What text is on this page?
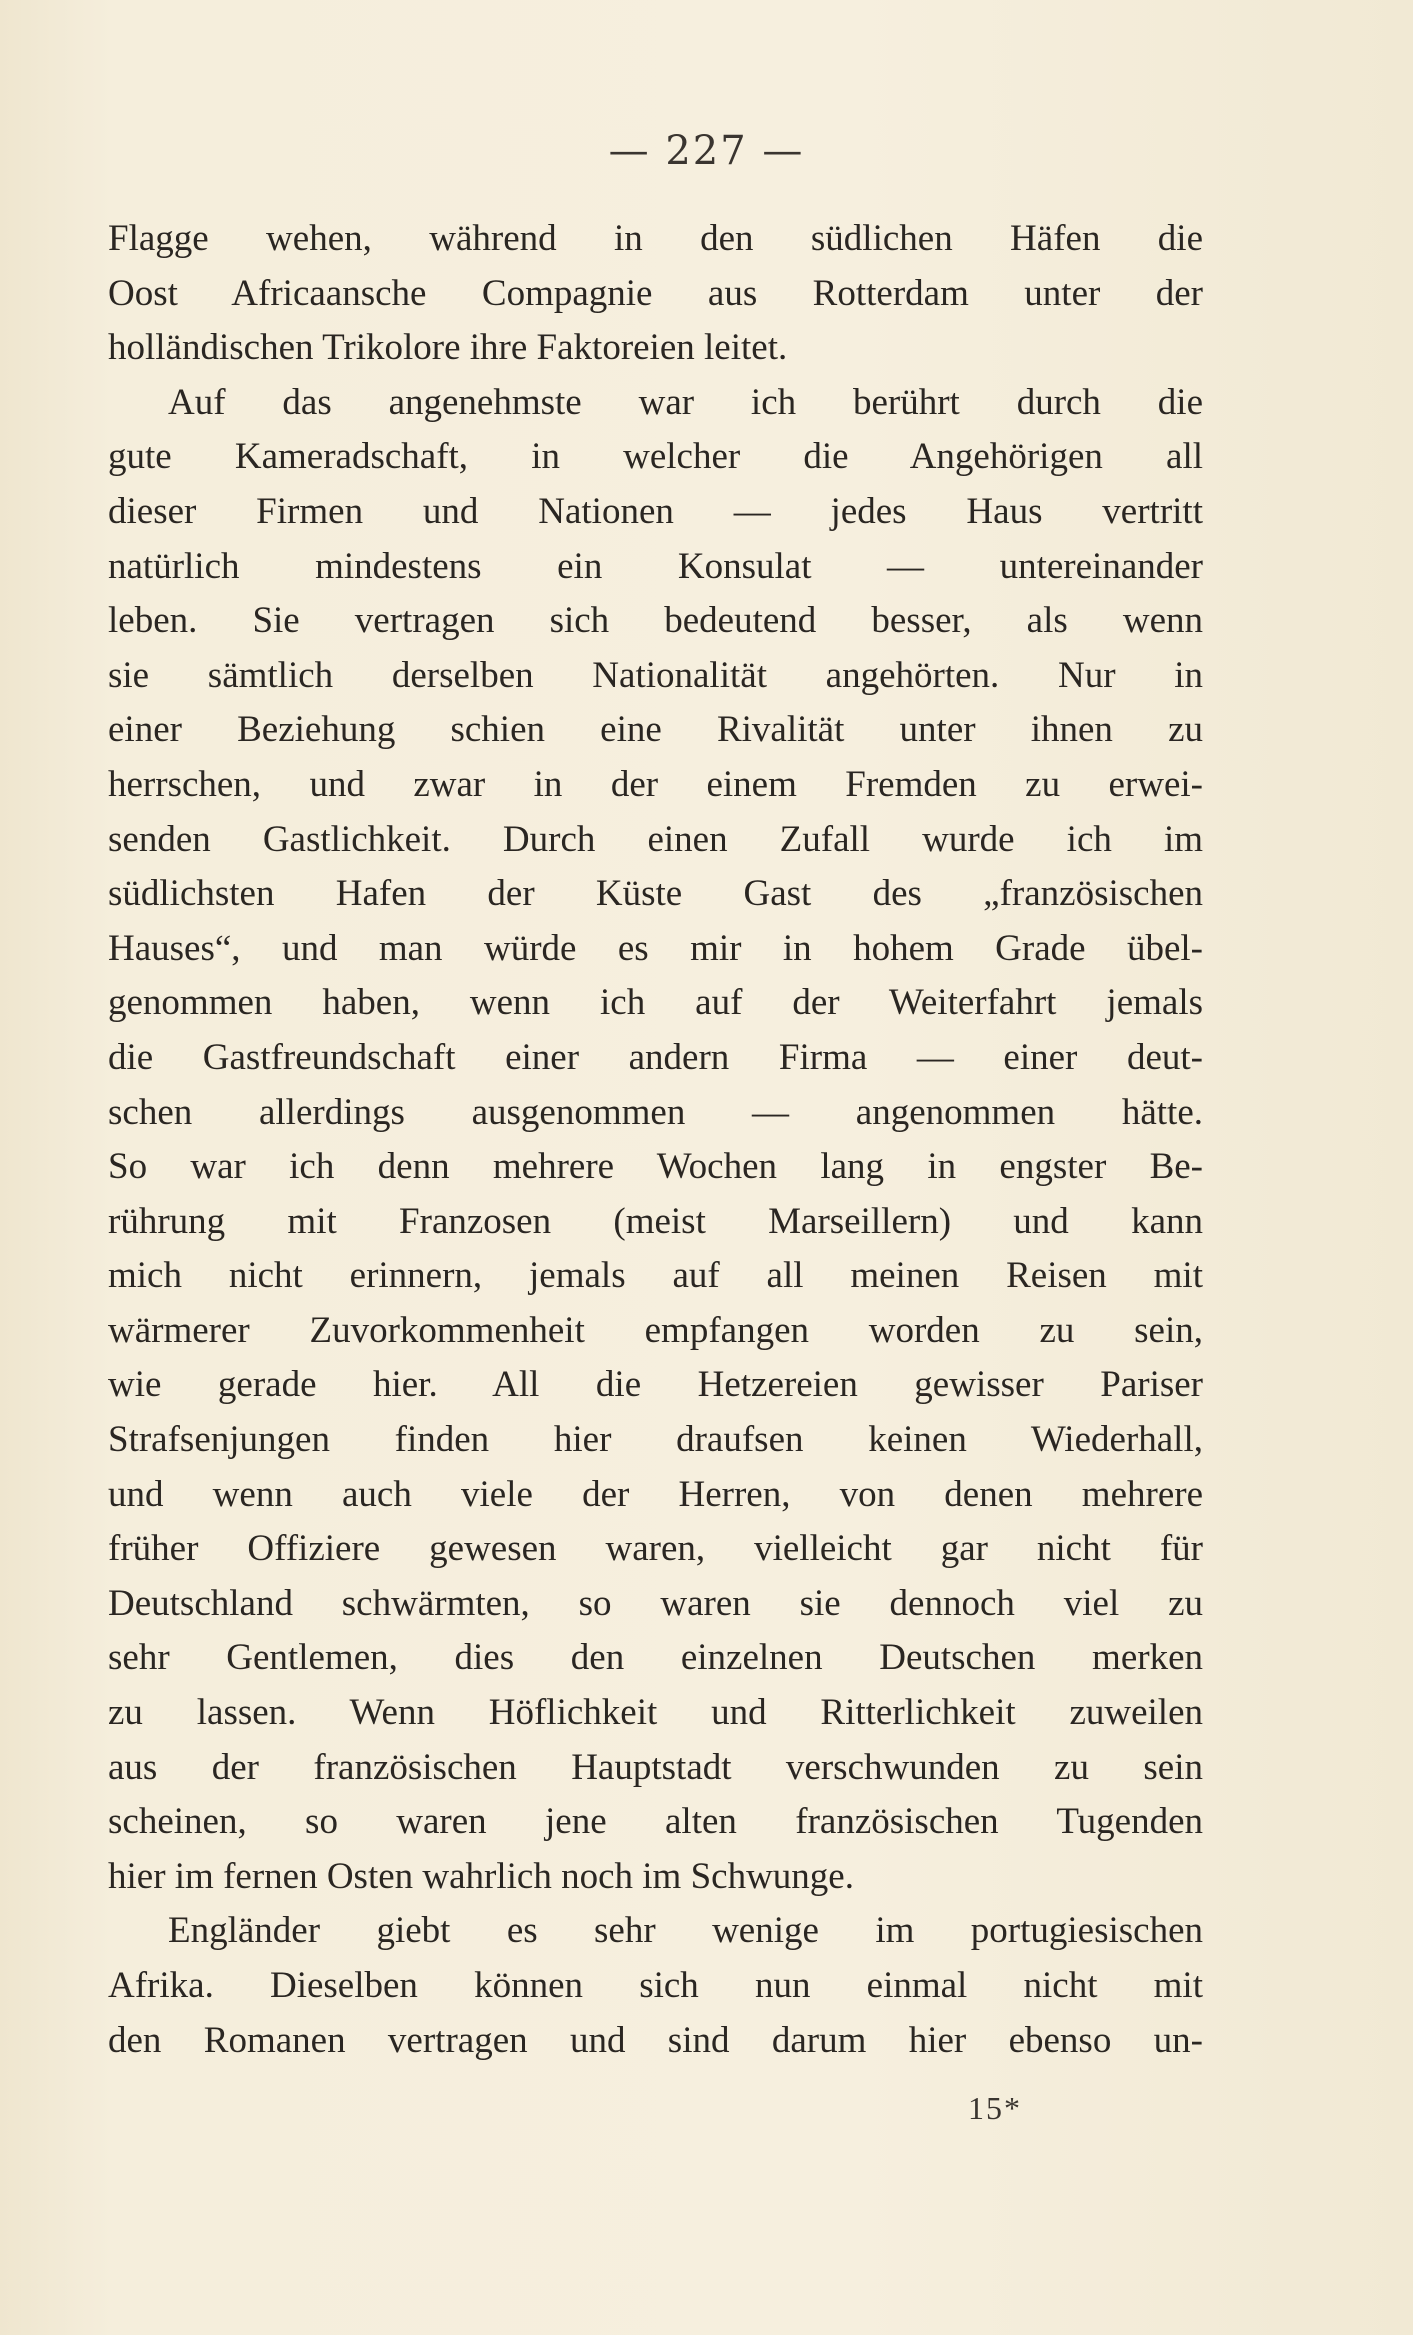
— 227 —
Flagge wehen, während in den südlichen Häfen die
Oost Africaansche Compagnie aus Rotterdam unter der
holländischen Trikolore ihre Faktoreien leitet.
Auf das angenehmste war ich berührt durch die
gute Kameradschaft, in welcher die Angehörigen all
dieser Firmen und Nationen — jedes Haus vertritt
natürlich mindestens ein Konsulat — untereinander
leben. Sie vertragen sich bedeutend besser, als wenn
sie sämtlich derselben Nationalität angehörten. Nur in
einer Beziehung schien eine Rivalität unter ihnen zu
herrschen, und zwar in der einem Fremden zu erwei-
senden Gastlichkeit. Durch einen Zufall wurde ich im
südlichsten Hafen der Küste Gast des „französischen
Hauses“, und man würde es mir in hohem Grade übel-
genommen haben, wenn ich auf der Weiterfahrt jemals
die Gastfreundschaft einer andern Firma — einer deut-
schen allerdings ausgenommen — angenommen hätte.
So war ich denn mehrere Wochen lang in engster Be-
rührung mit Franzosen (meist Marseillern) und kann
mich nicht erinnern, jemals auf all meinen Reisen mit
wärmerer Zuvorkommenheit empfangen worden zu sein,
wie gerade hier. All die Hetzereien gewisser Pariser
Strafsenjungen finden hier draufsen keinen Wiederhall,
und wenn auch viele der Herren, von denen mehrere
früher Offiziere gewesen waren, vielleicht gar nicht für
Deutschland schwärmten, so waren sie dennoch viel zu
sehr Gentlemen, dies den einzelnen Deutschen merken
zu lassen. Wenn Höflichkeit und Ritterlichkeit zuweilen
aus der französischen Hauptstadt verschwunden zu sein
scheinen, so waren jene alten französischen Tugenden
hier im fernen Osten wahrlich noch im Schwunge.
Engländer giebt es sehr wenige im portugiesischen
Afrika. Dieselben können sich nun einmal nicht mit
den Romanen vertragen und sind darum hier ebenso un-
15*
